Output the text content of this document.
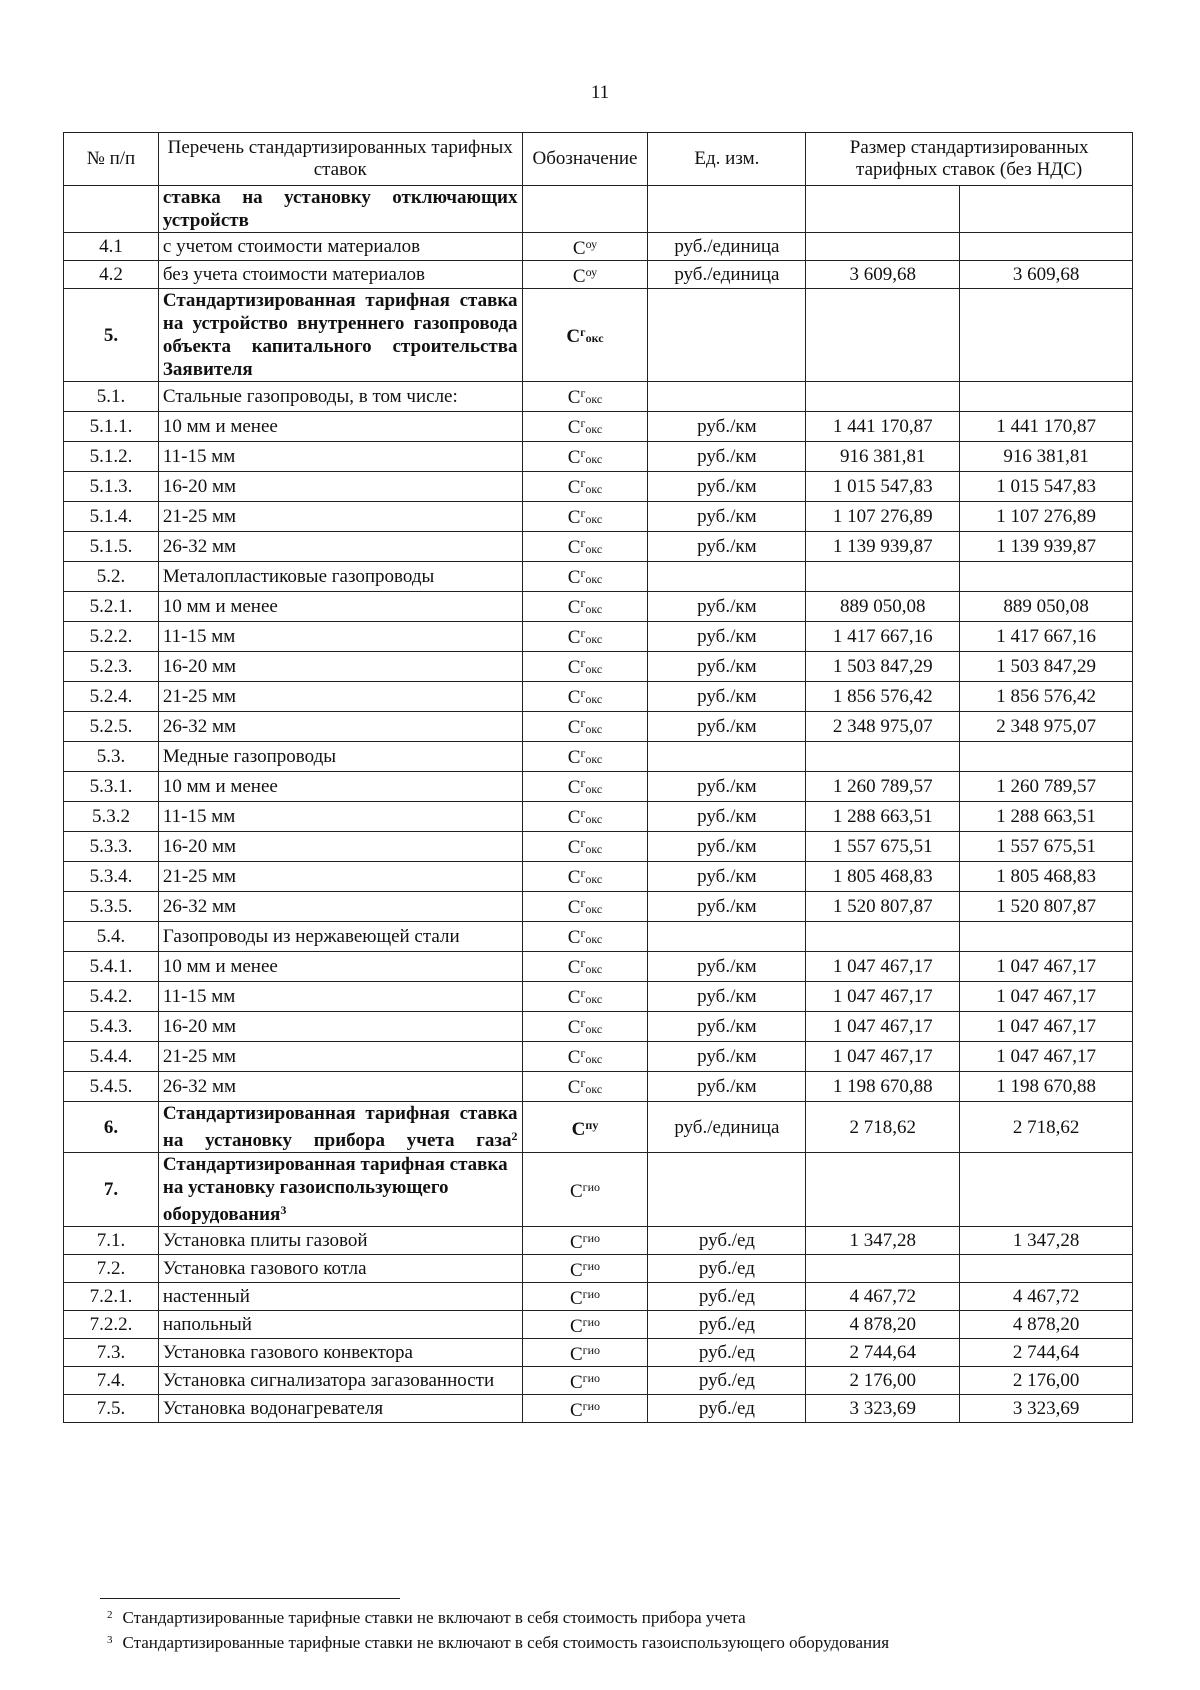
11
№ п/п	Перечень стандартизированных тарифных ставок	Обозначение	Ед. изм.	Размер стандартизированных тарифных ставок (без НДС)	
	ставка на установку отключающих устройств				
4.1	с учетом стоимости материалов	$С^{оу}$	руб./единица		
4.2	без учета стоимости материалов	$С^{оу}$	руб./единица	3 609,68	3 609,68
5.	Стандартизированная тарифная ставка на устройство внутреннего газопровода объекта капитального строительства Заявителя	$С^гокс$			
5.1.	Стальные газопроводы, в том числе:	$С^гокс$			
5.1.1.	10 мм и менее	$С^гокс$	руб./км	1 441 170,87	1 441 170,87
5.1.2.	11-15 мм	$С^гокс$	руб./км	916 381,81	916 381,81
5.1.3.	16-20 мм	$С^гокс$	руб./км	1 015 547,83	1 015 547,83
5.1.4.	21-25 мм	$С^гокс$	руб./км	1 107 276,89	1 107 276,89
5.1.5.	26-32 мм	$С^гокс$	руб./км	1 139 939,87	1 139 939,87
5.2.	Металопластиковые газопроводы	$С^гокс$			
5.2.1.	10 мм и менее	$С^гокс$	руб./км	889 050,08	889 050,08
5.2.2.	11-15 мм	$С^гокс$	руб./км	1 417 667,16	1 417 667,16
5.2.3.	16-20 мм	$С^гокс$	руб./км	1 503 847,29	1 503 847,29
5.2.4.	21-25 мм	$С^гокс$	руб./км	1 856 576,42	1 856 576,42
5.2.5.	26-32 мм	$С^гокс$	руб./км	2 348 975,07	2 348 975,07
5.3.	Медные газопроводы	$С^гокс$			
5.3.1.	10 мм и менее	$С^гокс$	руб./км	1 260 789,57	1 260 789,57
5.3.2	11-15 мм	$С^гокс$	руб./км	1 288 663,51	1 288 663,51
5.3.3.	16-20 мм	$С^гокс$	руб./км	1 557 675,51	1 557 675,51
5.3.4.	21-25 мм	$С^гокс$	руб./км	1 805 468,83	1 805 468,83
5.3.5.	26-32 мм	$С^гокс$	руб./км	1 520 807,87	1 520 807,87
5.4.	Газопроводы из нержавеющей стали	$С^гокс$			
5.4.1.	10 мм и менее	$С^гокс$	руб./км	1 047 467,17	1 047 467,17
5.4.2.	11-15 мм	$С^гокс$	руб./км	1 047 467,17	1 047 467,17
5.4.3.	16-20 мм	$С^гокс$	руб./км	1 047 467,17	1 047 467,17
5.4.4.	21-25 мм	$С^гокс$	руб./км	1 047 467,17	1 047 467,17
5.4.5.	26-32 мм	$С^гокс$	руб./км	1 198 670,88	1 198 670,88
6.	Стандартизированная тарифная ставка на установку прибора учета газа$^2$	$С^{пу}$	руб./единица	2 718,62	2 718,62
7.	Стандартизированная тарифная ставка на установку газоиспользующего оборудования$^3$	$С^{гио}$			
7.1.	Установка плиты газовой	$С^{гио}$	руб./ед	1 347,28	1 347,28
7.2.	Установка газового котла	$С^{гио}$	руб./ед		
7.2.1.	настенный	$С^{гио}$	руб./ед	4 467,72	4 467,72
7.2.2.	напольный	$С^{гио}$	руб./ед	4 878,20	4 878,20
7.3.	Установка газового конвектора	$С^{гио}$	руб./ед	2 744,64	2 744,64
7.4.	Установка сигнализатора загазованности	$С^{гио}$	руб./ед	2 176,00	2 176,00
7.5.	Установка водонагревателя	$С^{гио}$	руб./ед	3 323,69	3 323,69
$^2$ Стандартизированные тарифные ставки не включают в себя стоимость прибора учета
$^3$ Стандартизированные тарифные ставки не включают в себя стоимость газоиспользующего оборудования
